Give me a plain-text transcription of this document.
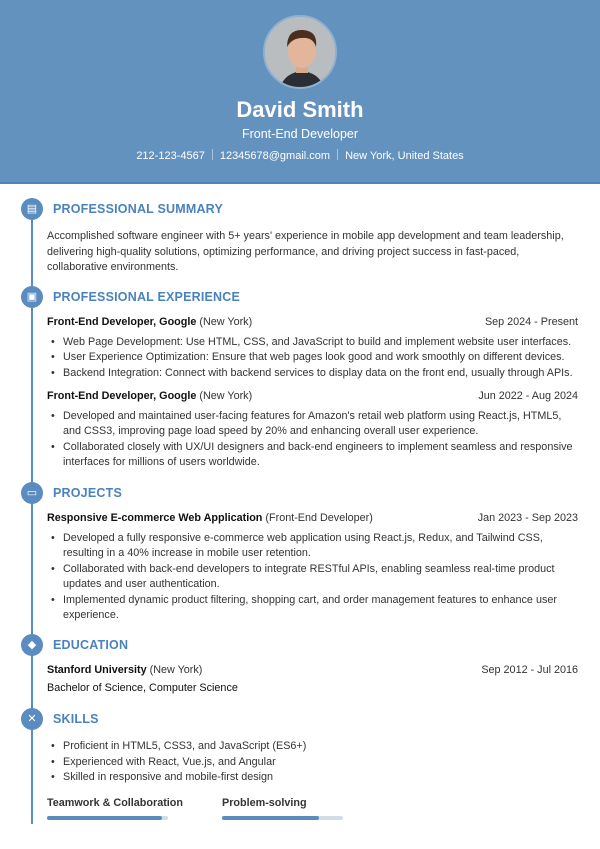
David Smith
Front-End Developer
212-123-4567 12345678@gmail.com New York, United States
▤	PROFESSIONAL SUMMARY
Accomplished software engineer with 5+ years' experience in mobile app development and team leadership, delivering high-quality solutions, optimizing performance, and driving project success in fast-paced, collaborative environments.
▣	PROFESSIONAL EXPERIENCE
Front-End Developer, Google (New York)	Sep 2024 - Present
• Web Page Development: Use HTML, CSS, and JavaScript to build and implement website user interfaces.
• User Experience Optimization: Ensure that web pages look good and work smoothly on different devices.
• Backend Integration: Connect with backend services to display data on the front end, usually through APIs.
Front-End Developer, Google (New York)	Jun 2022 - Aug 2024
• Developed and maintained user-facing features for Amazon's retail web platform using React.js, HTML5, and CSS3, improving page load speed by 20% and enhancing overall user experience.
• Collaborated closely with UX/UI designers and back-end engineers to implement seamless and responsive interfaces for millions of users worldwide.
▭	PROJECTS
Responsive E-commerce Web Application (Front-End Developer)	Jan 2023 - Sep 2023
• Developed a fully responsive e-commerce web application using React.js, Redux, and Tailwind CSS, resulting in a 40% increase in mobile user retention.
• Collaborated with back-end developers to integrate RESTful APIs, enabling seamless real-time product updates and user authentication.
• Implemented dynamic product filtering, shopping cart, and order management features to enhance user experience.
◆	EDUCATION
Stanford University (New York)	Sep 2012 - Jul 2016
Bachelor of Science, Computer Science
✕	SKILLS
• Proficient in HTML5, CSS3, and JavaScript (ES6+)
• Experienced with React, Vue.js, and Angular
• Skilled in responsive and mobile-first design
Teamwork & Collaboration	Problem-solving
